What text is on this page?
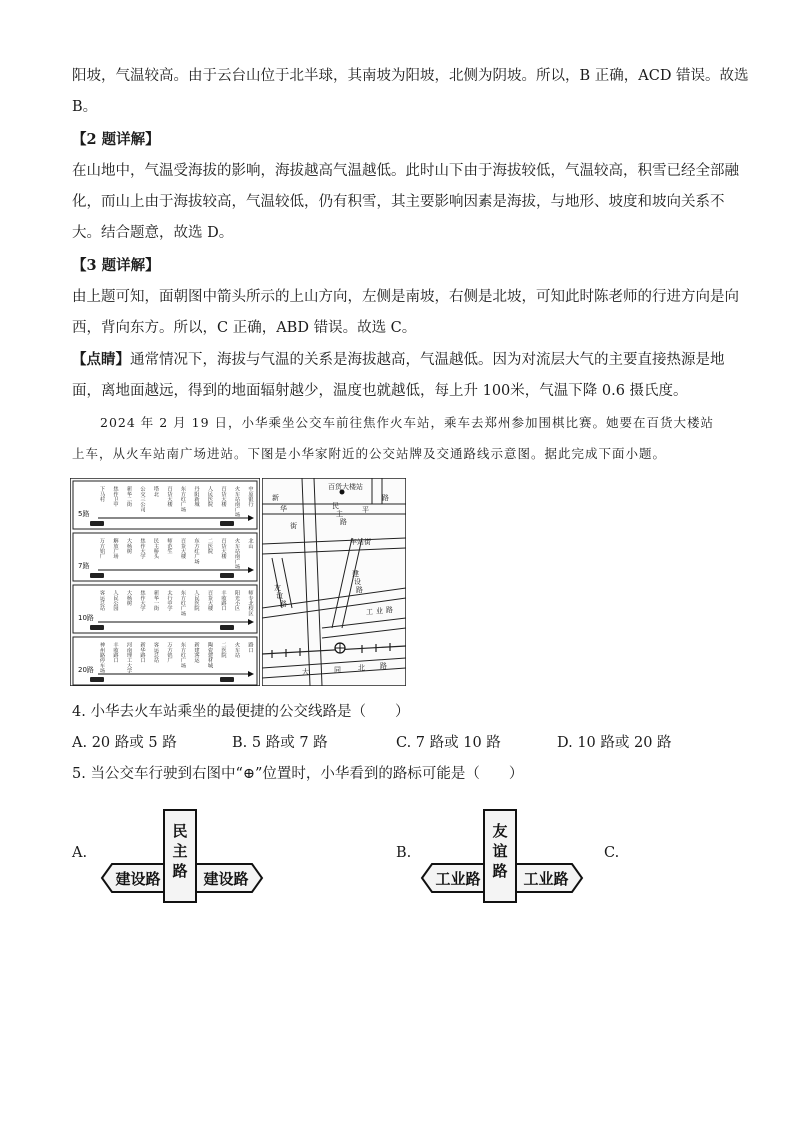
阳坡，气温较高。由于云台山位于北半球，其南坡为阳坡，北侧为阴坡。所以，B 正确，ACD 错误。故选
B。
【2 题详解】
在山地中，气温受海拔的影响，海拔越高气温越低。此时山下由于海拔较低，气温较高，积雪已经全部融
化，而山上由于海拔较高，气温较低，仍有积雪，其主要影响因素是海拔，与地形、坡度和坡向关系不
大。结合题意，故选 D。
【3 题详解】
由上题可知，面朝图中箭头所示的上山方向，左侧是南坡，右侧是北坡，可知此时陈老师的行进方向是向
西，背向东方。所以，C 正确，ABD 错误。故选 C。
【点睛】通常情况下，海拔与气温的关系是海拔越高，气温越低。因为对流层大气的主要直接热源是地
面，离地面越远，得到的地面辐射越少，温度也就越低，每上升 100米，气温下降 0.6 摄氏度。
2024 年 2 月 19 日，小华乘坐公交车前往焦作火车站，乘车去郑州参加围棋比赛。她要在百货大楼站
上车，从火车站南广场进站。下图是小华家附近的公交站牌及交通路线示意图。据此完成下面小题。
下马村 焦作卫中 新华二街 公交三公司 塔北 百货大楼 东方红广场 丹阳新城 人民医院 百货大楼 火车站南广场 中原银行
5路
万方铝厂 解放广场 大杨树 焦作大学 民主桥头 师范生 百货大楼 东方红广场 二医院 百货大楼 火车站南广场 北山
7路
客运总站 人民公园 大杨树 焦作大学 新华一街 太行中学 东方红广场 人民医院 百货大楼 丰收路口 阳光小区 师专北校区
10路
神州路停车场 丰收路口 河南理工大学 新华路口 客运总站 万方铝厂 东方红广场 新建客运 陶瓷建材城 二医院 火车站 路口
20路
百货大楼站
新
华
街
民
主
路
平
路
车站街
友
谊
路
建
设
路
工 业 路
大	同 北 路
4. 小华去火车站乘坐的最便捷的公交线路是（　　）
A. 20 路或 5 路	B. 5 路或 7 路	C. 7 路或 10 路	D. 10 路或 20 路
5. 当公交车行驶到右图中“⊕”位置时，小华看到的路标可能是（　　）
A.
民
主
路
建设路	建设路
B.
友
谊
路
工业路	工业路
C.
